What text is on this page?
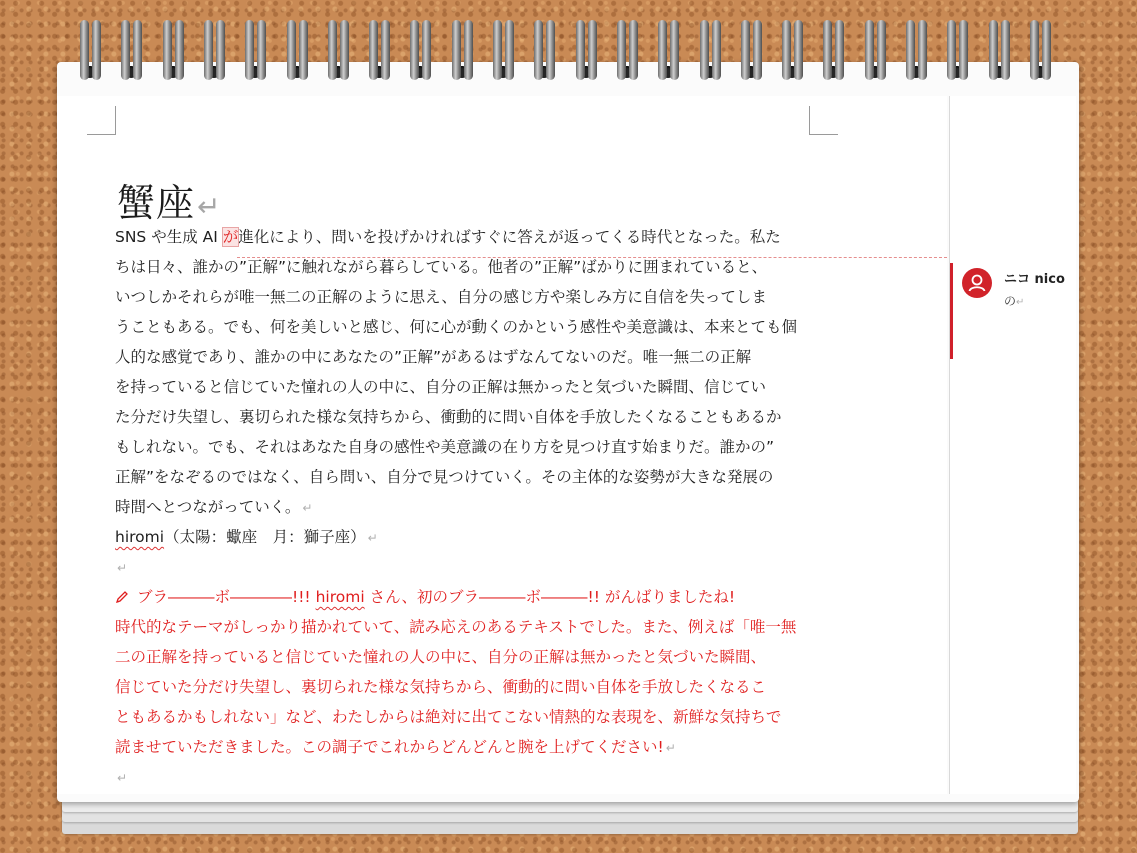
蟹座↵
SNS や生成 AI が進化により、問いを投げかければすぐに答えが返ってくる時代となった。私た
ちは日々、誰かの”正解”に触れながら暮らしている。他者の”正解”ばかりに囲まれていると、
いつしかそれらが唯一無二の正解のように思え、自分の感じ方や楽しみ方に自信を失ってしま
うこともある。でも、何を美しいと感じ、何に心が動くのかという感性や美意識は、本来とても個
人的な感覚であり、誰かの中にあなたの”正解”があるはずなんてないのだ。唯一無二の正解
を持っていると信じていた憧れの人の中に、自分の正解は無かったと気づいた瞬間、信じてい
た分だけ失望し、裏切られた様な気持ちから、衝動的に問い自体を手放したくなることもあるか
もしれない。でも、それはあなた自身の感性や美意識の在り方を見つけ直す始まりだ。誰かの”
正解”をなぞるのではなく、自ら問い、自分で見つけていく。その主体的な姿勢が大きな発展の
時間へとつながっていく。 ↵
hiromi（太陽：蠍座　月：獅子座） ↵
↵
ブラ―――ボ――――!!! hiromi さん、初のブラ―――ボ―――!! がんばりましたね!
時代的なテーマがしっかり描かれていて、読み応えのあるテキストでした。また、例えば「唯一無
二の正解を持っていると信じていた憧れの人の中に、自分の正解は無かったと気づいた瞬間、
信じていた分だけ失望し、裏切られた様な気持ちから、衝動的に問い自体を手放したくなるこ
ともあるかもしれない」など、わたしからは絶対に出てこない情熱的な表現を、新鮮な気持ちで
読ませていただきました。この調子でこれからどんどんと腕を上げてください! ↵
↵
ニコ nico
の↵
